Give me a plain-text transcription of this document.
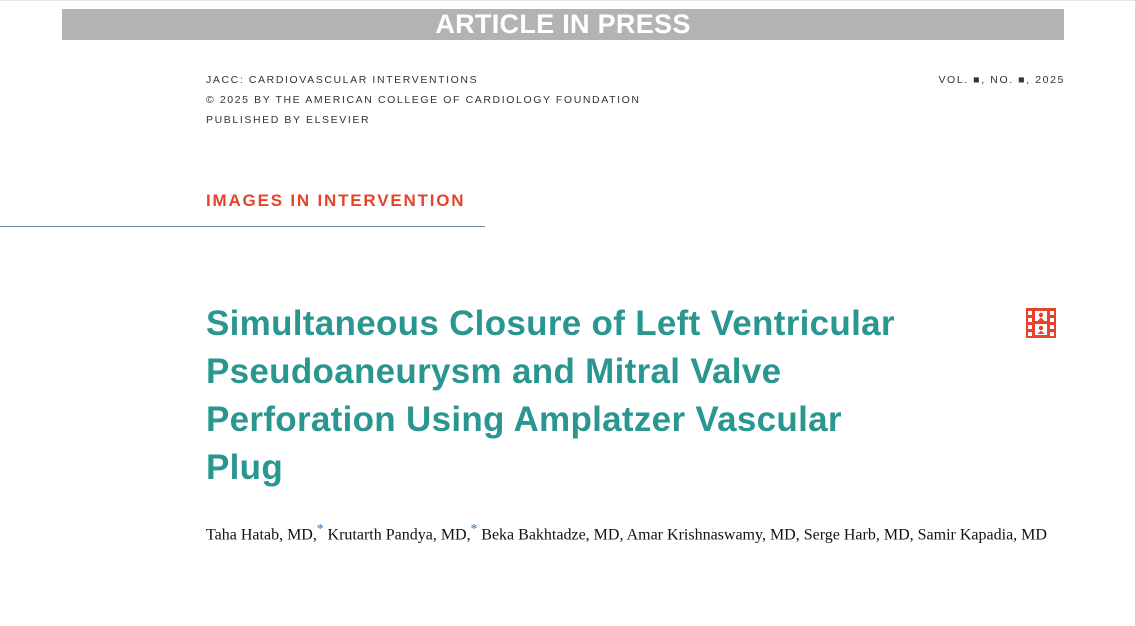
ARTICLE IN PRESS
JACC: CARDIOVASCULAR INTERVENTIONS
© 2025 BY THE AMERICAN COLLEGE OF CARDIOLOGY FOUNDATION
PUBLISHED BY ELSEVIER
VOL. ■, NO. ■, 2025
IMAGES IN INTERVENTION
Simultaneous Closure of Left Ventricular Pseudoaneurysm and Mitral Valve Perforation Using Amplatzer Vascular Plug
Taha Hatab, MD,* Krutarth Pandya, MD,* Beka Bakhtadze, MD, Amar Krishnaswamy, MD, Serge Harb, MD, Samir Kapadia, MD
